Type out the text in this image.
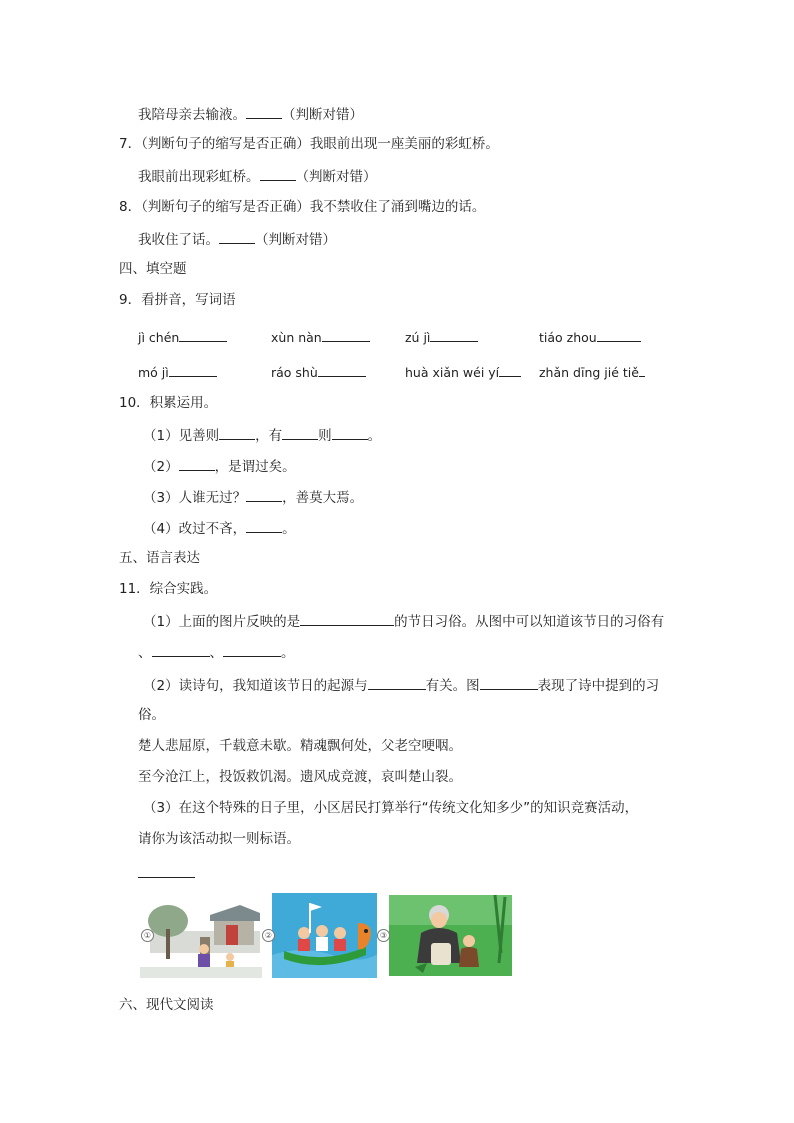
我陪母亲去输液。	（判断对错）
7．（判断句子的缩写是否正确）我眼前出现一座美丽的彩虹桥。
我眼前出现彩虹桥。	（判断对错）
8．（判断句子的缩写是否正确）我不禁收住了涌到嘴边的话。
我收住了话。	（判断对错）
四、填空题
9．看拼音，写词语
jì chén	xùn nàn	zú jì	tiáo zhou
mó jì	ráo shù	huà xiǎn wéi yí	zhǎn dīng jié tiě
10．积累运用。
（1）见善则	，有	则	。
（2）	，是谓过矣。
（3）人谁无过？	，善莫大焉。
（4）改过不吝，	。
五、语言表达
11．综合实践。
（1）上面的图片反映的是	的节日习俗。从图中可以知道该节日的习俗有
、	、	。
（2）读诗句，我知道该节日的起源与	有关。图	表现了诗中提到的习
俗。
楚人悲屈原，千载意未歇。精魂飘何处，父老空哽咽。
至今沧江上，投饭救饥渴。遗风成竞渡，哀叫楚山裂。
（3）在这个特殊的日子里，小区居民打算举行“传统文化知多少”的知识竞赛活动，
请你为该活动拟一则标语。
①	②	③
六、现代文阅读
